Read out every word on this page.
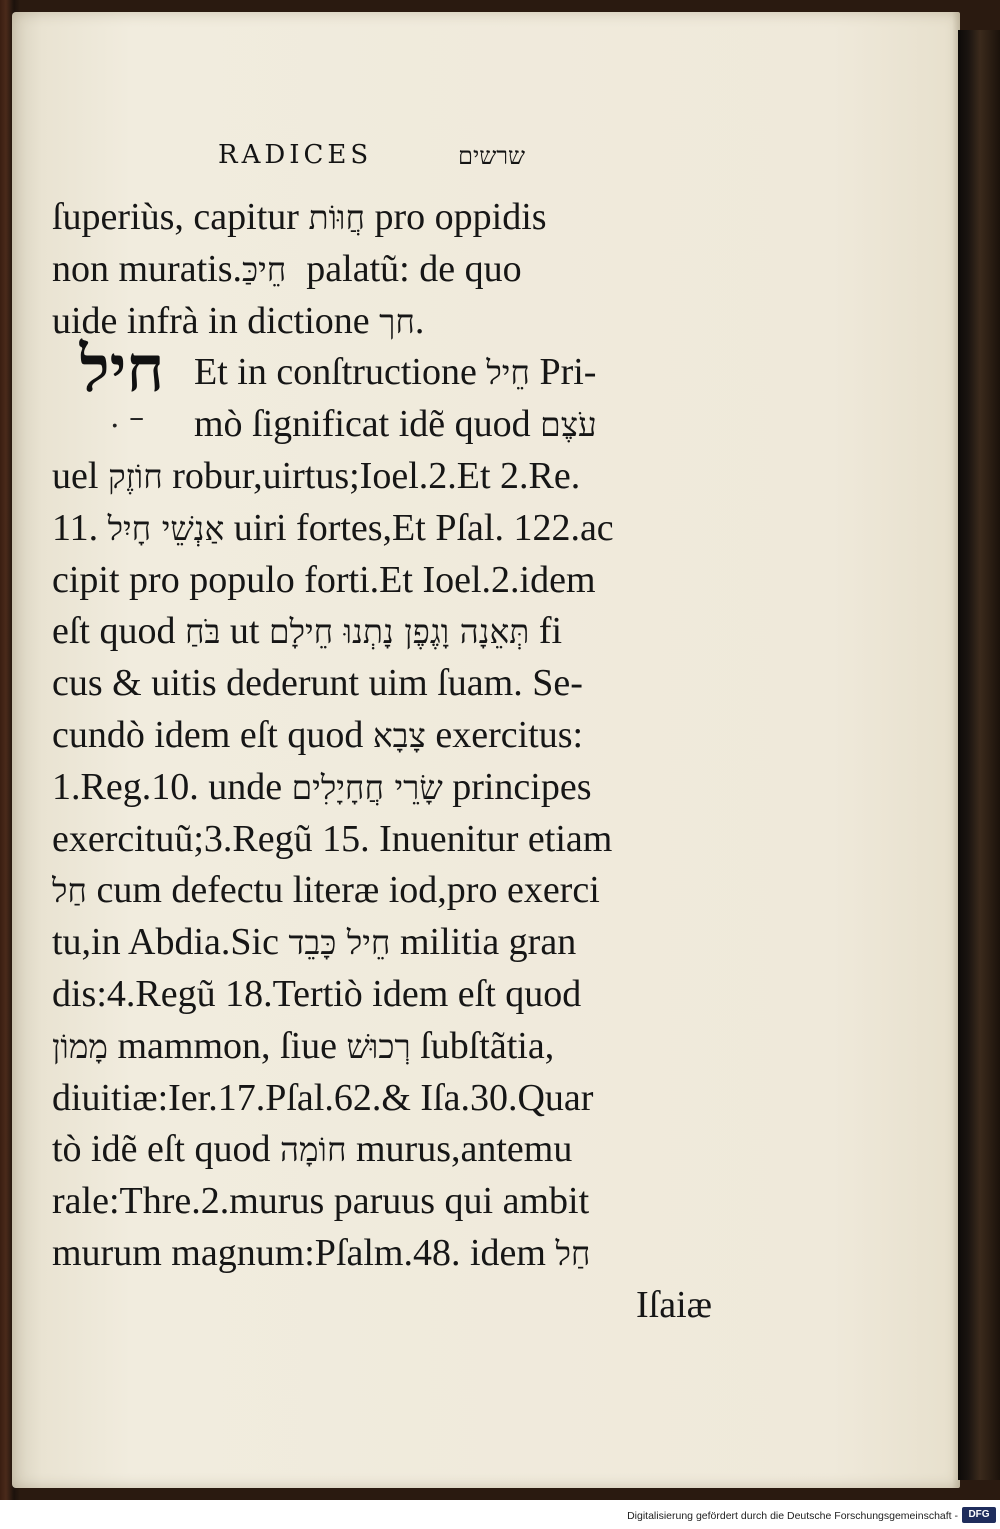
RADICES	שרשים
חיל
. –
ſuperiùs, capitur חֲוּוֹת pro oppidis
non muratis. חֵיכַּ palatũ: de quo
uide infrà in dictione חך.
Et in conſtructione חֵיל Pri-
mò ſignificat idẽ quod עֹצֶם
uel חוֹזֶק robur,uirtus;Ioel.2.Et 2.Re.
11. אַנְשֵׁי חָיִל uiri fortes,Et Pſal. 122.ac
cipit pro populo forti.Et Ioel.2.idem
eſt quod בֹּחַ ut תְּאֵנָה וָגֶפֶן נָתְנוּ חֵילָם fi
cus & uitis dederunt uim ſuam. Se-
cundò idem eſt quod צָבָא exercitus:
1.Reg.10. unde שָׂרֵי חֲחָיָלִים principes
exercituũ;3.Regũ 15. Inuenitur etiam
חַל cum defectu literæ iod,pro exerci
tu,in Abdia.Sic חֵיל כָּבֵד militia gran
dis:4.Regũ 18.Tertiò idem eſt quod
מָמוֹן mammon, ſiue רְכוּשׁ ſubſtãtia,
diuitiæ:Ier.17.Pſal.62.& Iſa.30.Quar
tò idẽ eſt quod חוֹמָה murus,antemu
rale:Thre.2.murus paruus qui ambit
murum magnum:Pſalm.48. idem חַל
Iſaiæ
Digitalisierung gefördert durch die Deutsche Forschungsgemeinschaft -	DFG
